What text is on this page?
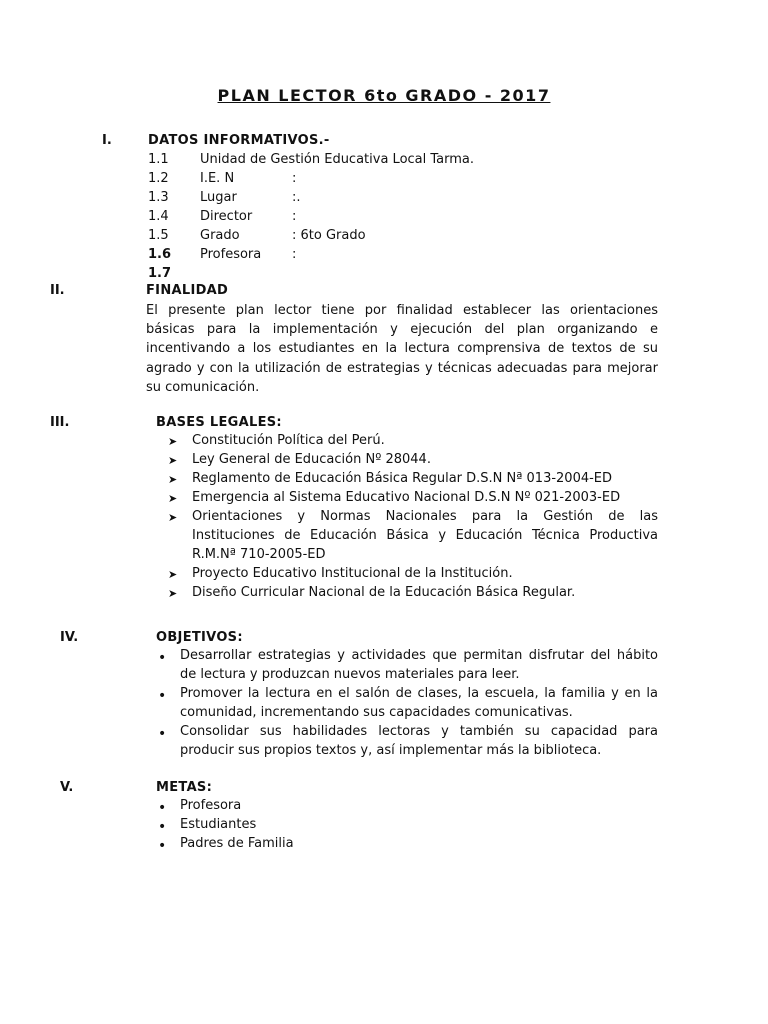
PLAN LECTOR 6to GRADO - 2017
I.	DATOS INFORMATIVOS.-
1.1 Unidad de Gestión Educativa Local Tarma.
1.2 I.E. N	:
1.3 Lugar	:.
1.4 Director	:
1.5 Grado	: 6to Grado
1.6 Profesora :
1.7
II.	FINALIDAD
El presente plan lector tiene por finalidad establecer las orientaciones
básicas para la implementación y ejecución del plan organizando e
incentivando a los estudiantes en la lectura comprensiva de textos de su
agrado y con la utilización de estrategias y técnicas adecuadas para mejorar
su comunicación.
III.	BASES LEGALES:
➤ Constitución Política del Perú.
➤ Ley General de Educación Nº 28044.
➤ Reglamento de Educación Básica Regular D.S.N Nª 013-2004-ED
➤ Emergencia al Sistema Educativo Nacional D.S.N Nº 021-2003-ED
➤ Orientaciones y Normas Nacionales para la Gestión de las
Instituciones de Educación Básica y Educación Técnica Productiva
R.M.Nª 710-2005-ED
➤ Proyecto Educativo Institucional de la Institución.
➤ Diseño Curricular Nacional de la Educación Básica Regular.
IV.	OBJETIVOS:
• Desarrollar estrategias y actividades que permitan disfrutar del hábito
de lectura y produzcan nuevos materiales para leer.
• Promover la lectura en el salón de clases, la escuela, la familia y en la
comunidad, incrementando sus capacidades comunicativas.
• Consolidar sus habilidades lectoras y también su capacidad para
producir sus propios textos y, así implementar más la biblioteca.
V.	METAS:
• Profesora
• Estudiantes
• Padres de Familia
